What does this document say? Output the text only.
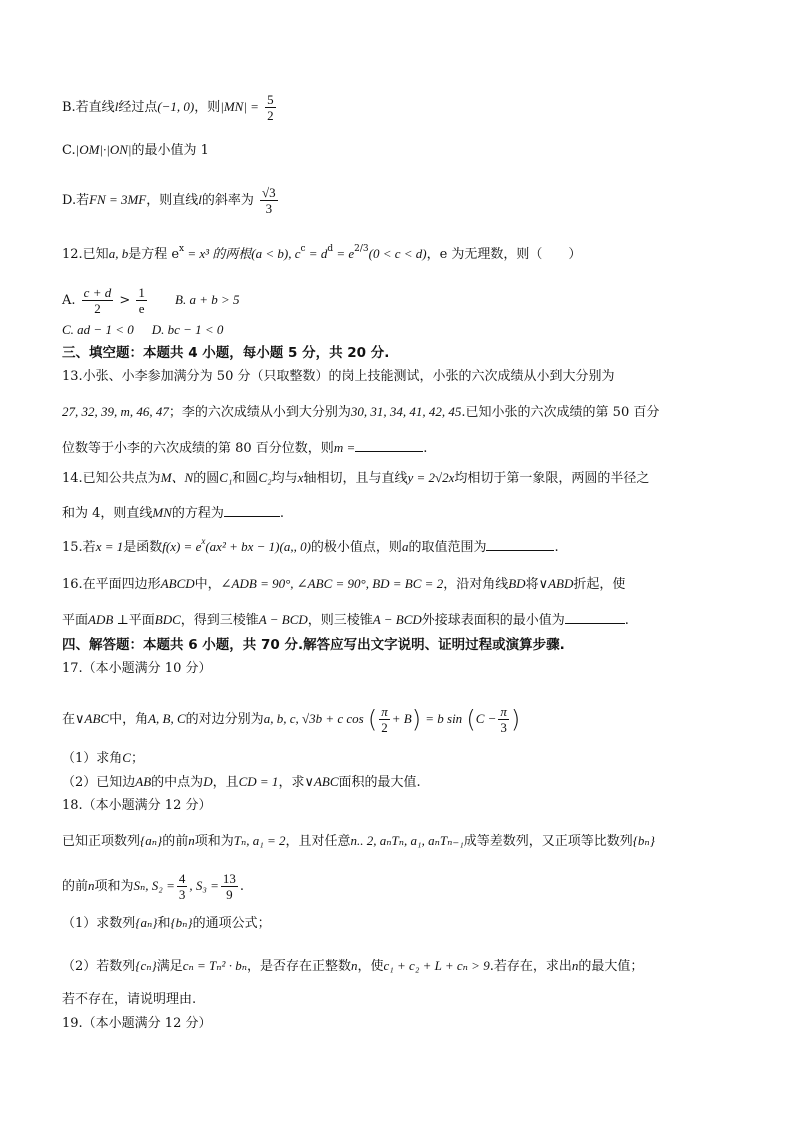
B.若直线l经过点(−1, 0)，则$|MN| = \frac{5}{2}$
C.|OM|·|ON|的最小值为 1
D.若FN = 3MF，则直线l的斜率为 $\frac{√3}{3}$
12.已知a, b是方程 $e^x = x^3$ 的两根(a < b), $c^c = d^d = e^{2/3}(0 < c < d)$，e 为无理数，则（　　）
A. $\frac{c + d}{2} > \frac{1}{e} B$. a + b > 5
C. ad − 1 < 0 D. bc − 1 < 0
三、填空题：本题共 4 小题，每小题 5 分，共 20 分.
13.小张、小李参加满分为 50 分（只取整数）的岗上技能测试，小张的六次成绩从小到大分别为
27, 32, 39, m, 46, 47；李的六次成绩从小到大分别为30, 31, 34, 41, 42, 45.已知小张的六次成绩的第 50 百分
位数等于小李的六次成绩的第 80 百分位数，则m =	.
14.已知公共点为M、N的圆C₁和圆C₂均与x轴相切，且与直线y = 2√2x均相切于第一象限，两圆的半径之
和为 4，则直线MN的方程为	.
15.若x = 1是函数$f(x) = e^x(ax^2$ + bx − 1)(a,, 0)的极小值点，则a的取值范围为	.
16.在平面四边形ABCD中，∠ADB = 90°, ∠ABC = 90°, BD = BC = 2，沿对角线BD将∨ABD折起，使
平面ADB ⊥平面BDC，得到三棱锥A − BCD，则三棱锥A − BCD外接球表面积的最小值为	.
四、解答题：本题共 6 小题，共 70 分.解答应写出文字说明、证明过程或演算步骤.
17.（本小题满分 10 分）
在∨ABC中，角A, B, C的对边分别为a, b, c, √3b + c cos ( $\frac{\pi}{2} + B) = b$ $\sin (C - \frac{\pi}{3}$ )
（1）求角C；
（2）已知边AB的中点为D，且CD = 1，求∨ABC面积的最大值.
18.（本小题满分 12 分）
已知正项数列{aₙ}的前n项和为Tₙ, a₁ = 2，且对任意n.. 2, aₙTₙ, a₁, aₙTₙ₋₁成等差数列，又正项等比数列{bₙ}
的前n项和为Sₙ, $S_2 = \frac{4}{3}$ , $S_3 = \frac{13}{9}$ .
（1）求数列{aₙ}和{bₙ}的通项公式；
（2）若数列{cₙ}满足cₙ = Tₙ² · bₙ，是否存在正整数n，使c₁ + c₂ + L + cₙ > 9.若存在，求出n的最大值；
若不存在，请说明理由.
19.（本小题满分 12 分）
